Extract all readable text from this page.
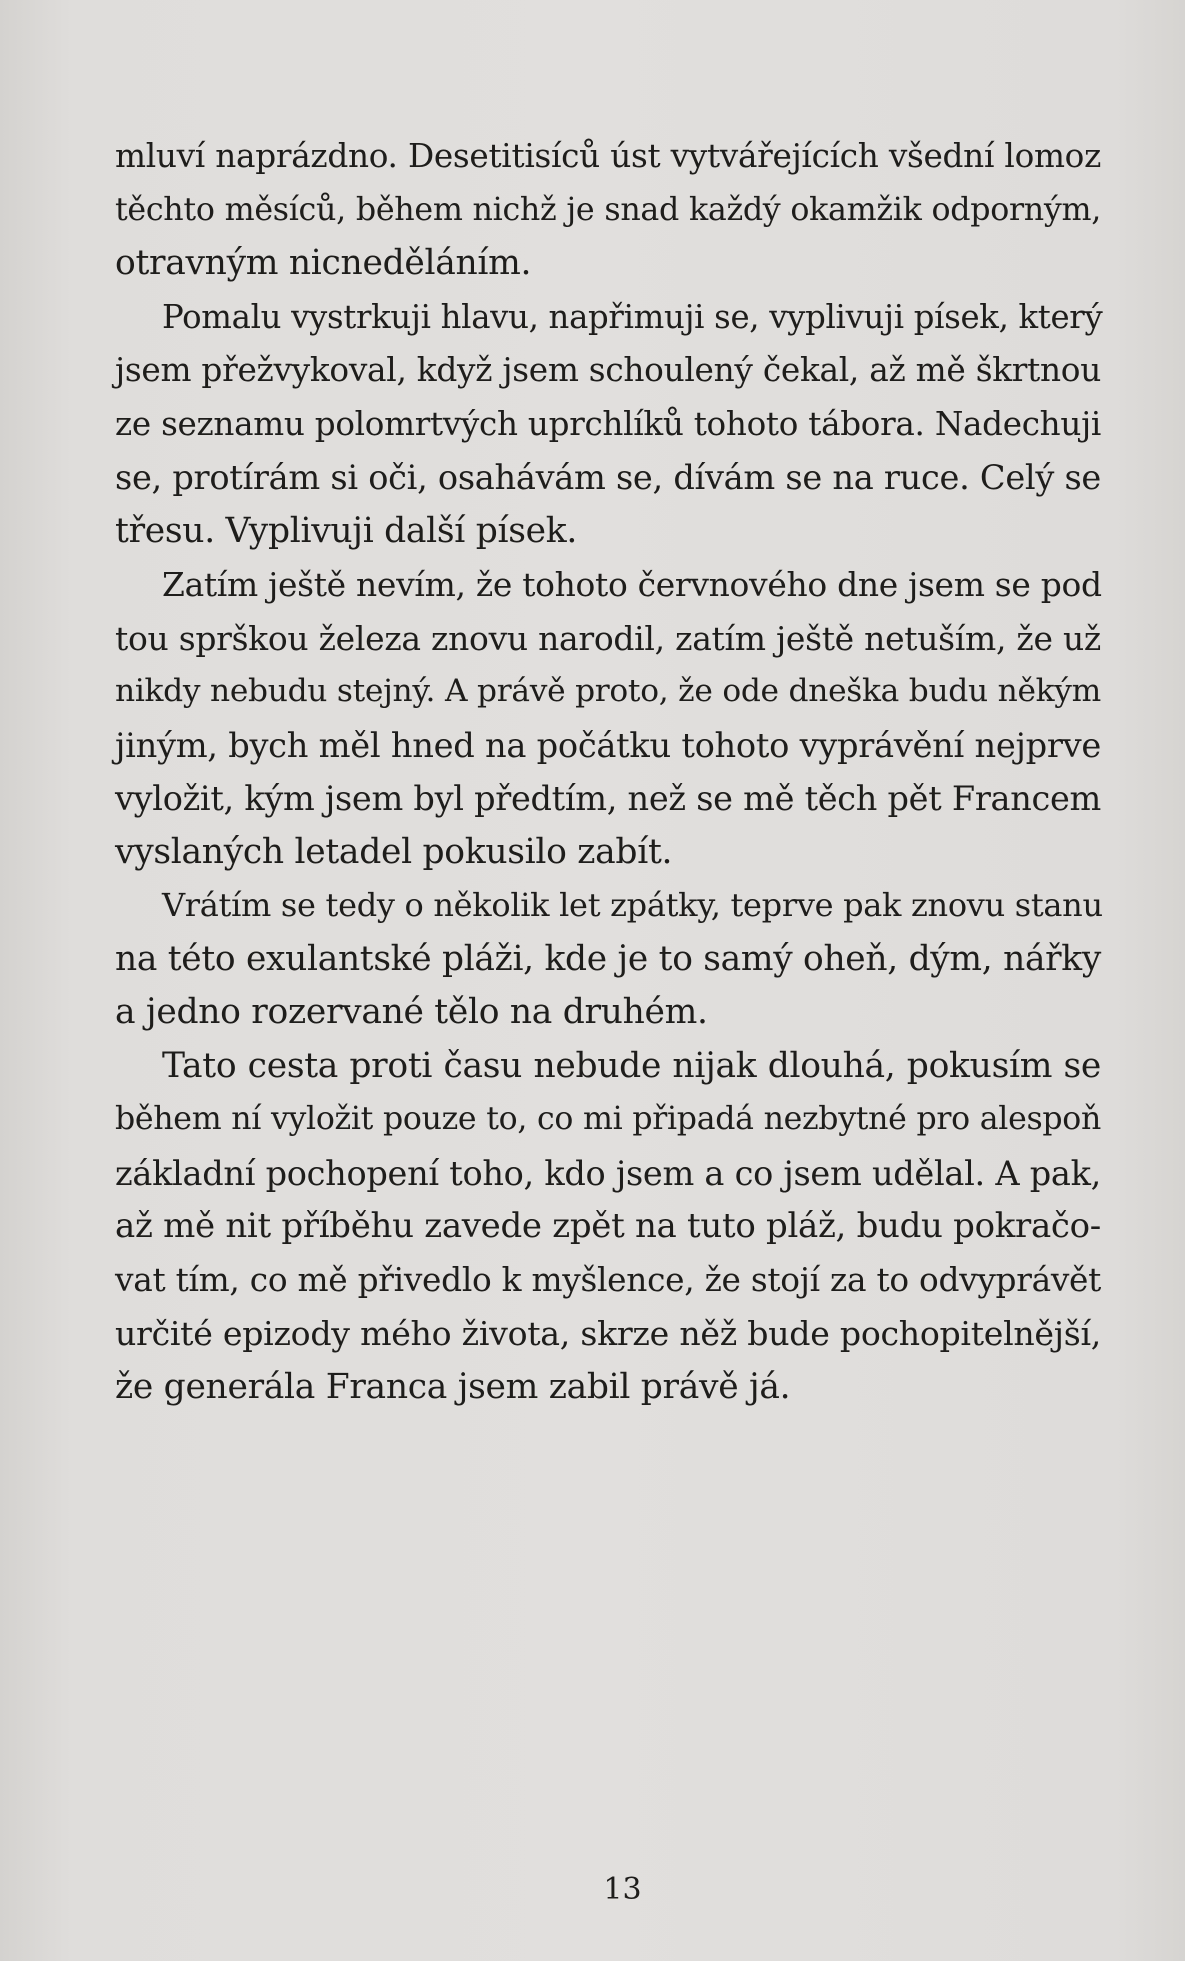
mluví naprázdno. Desetitisíců úst vytvářejících všední lomoz
těchto měsíců, během nichž je snad každý okamžik odporným,
otravným nicneděláním.
Pomalu vystrkuji hlavu, napřimuji se, vyplivuji písek, který
jsem přežvykoval, když jsem schoulený čekal, až mě škrtnou
ze seznamu polomrtvých uprchlíků tohoto tábora. Nadechuji
se, protírám si oči, osahávám se, dívám se na ruce. Celý se
třesu. Vyplivuji další písek.
Zatím ještě nevím, že tohoto červnového dne jsem se pod
tou sprškou železa znovu narodil, zatím ještě netuším, že už
nikdy nebudu stejný. A právě proto, že ode dneška budu někým
jiným, bych měl hned na počátku tohoto vyprávění nejprve
vyložit, kým jsem byl předtím, než se mě těch pět Francem
vyslaných letadel pokusilo zabít.
Vrátím se tedy o několik let zpátky, teprve pak znovu stanu
na této exulantské pláži, kde je to samý oheň, dým, nářky
a jedno rozervané tělo na druhém.
Tato cesta proti času nebude nijak dlouhá, pokusím se
během ní vyložit pouze to, co mi připadá nezbytné pro alespoň
základní pochopení toho, kdo jsem a co jsem udělal. A pak,
až mě nit příběhu zavede zpět na tuto pláž, budu pokračo-
vat tím, co mě přivedlo k myšlence, že stojí za to odvyprávět
určité epizody mého života, skrze něž bude pochopitelnější,
že generála Franca jsem zabil právě já.
13
